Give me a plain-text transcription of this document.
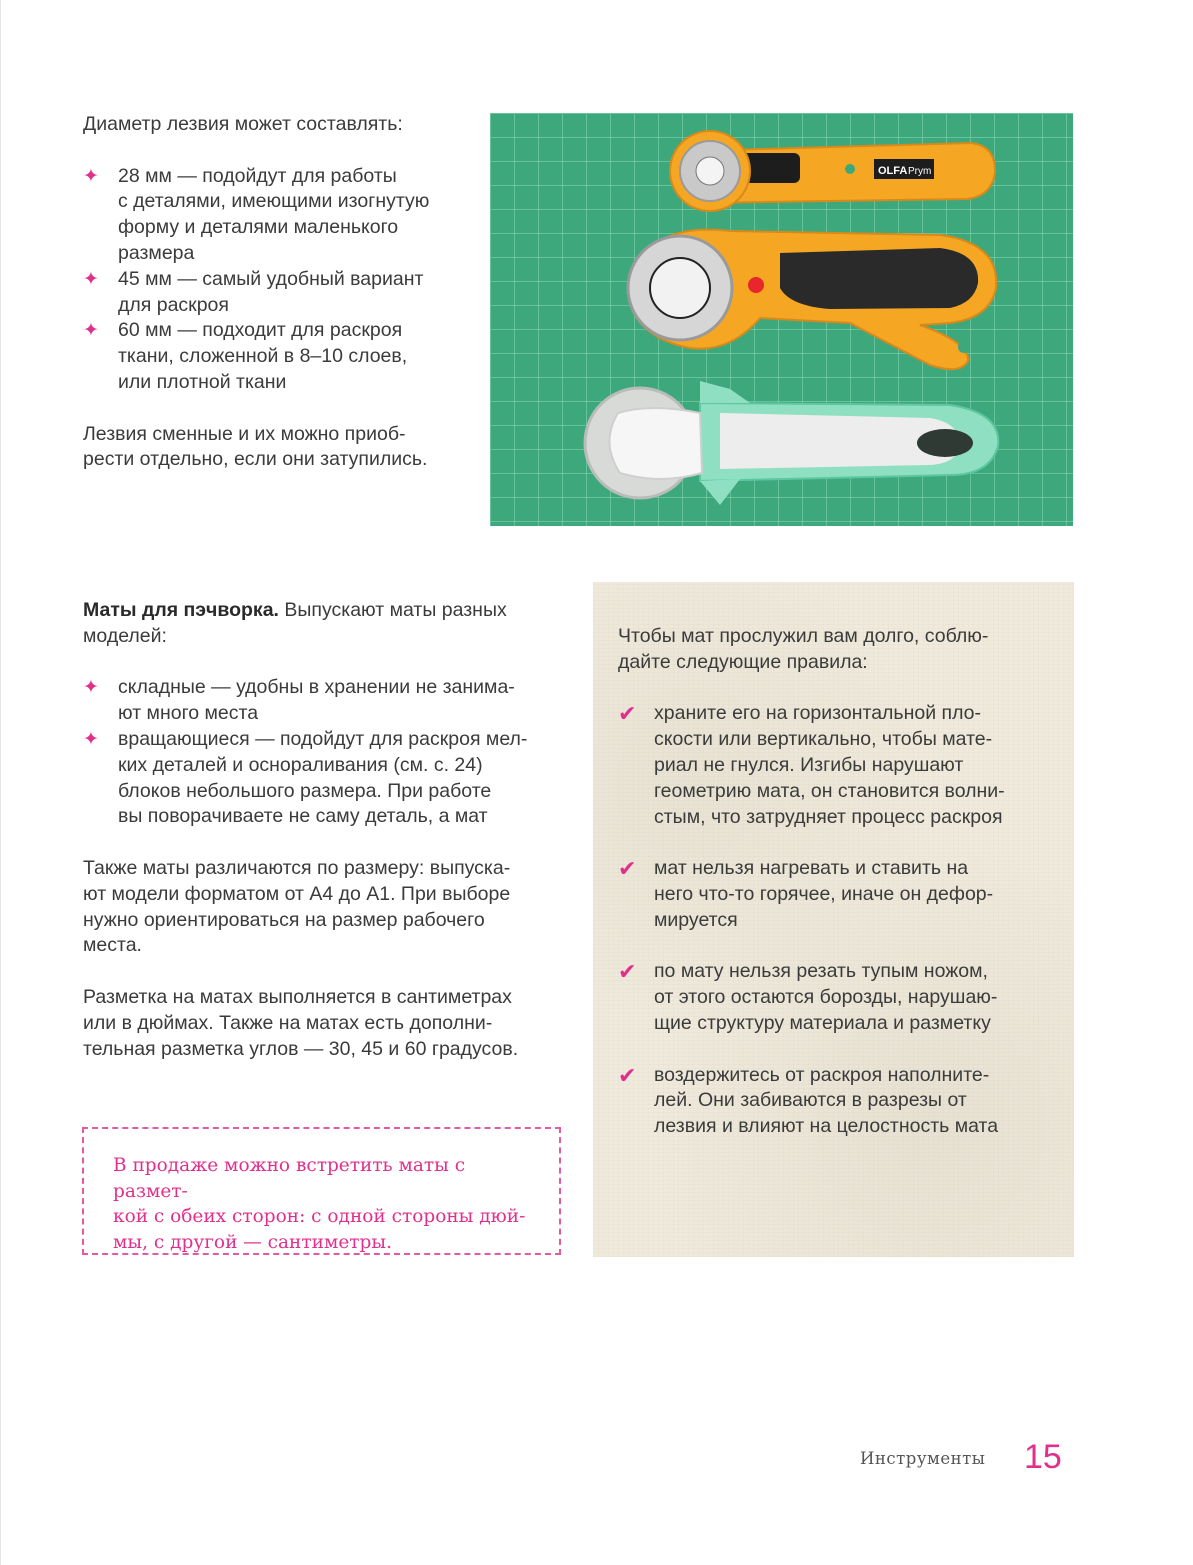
Диаметр лезвия может составлять:

✦ 28 мм — подойдут для работы
с деталями, имеющими изогнутую
форму и деталями маленького
размера
✦ 45 мм — самый удобный вариант
для раскроя
✦ 60 мм — подходит для раскроя
ткани, сложенной в 8–10 слоев,
или плотной ткани

Лезвия сменные и их можно приоб-

рести отдельно, если они затупились.

OLFA Prym

Маты для пэчворка. Выпускают маты разных

моделей:

✦ складные — удобны в хранении не занима-
ют много места
✦ вращающиеся — подойдут для раскроя мел-
ких деталей и оснораливания (см. с. 24)
блоков небольшого размера. При работе
вы поворачиваете не саму деталь, а мат

Также маты различаются по размеру: выпуска-

ют модели форматом от А4 до А1. При выборе

нужно ориентироваться на размер рабочего

места.

Разметка на матах выполняется в сантиметрах

или в дюймах. Также на матах есть дополни-

тельная разметка углов — 30, 45 и 60 градусов.

В продаже можно встретить маты с размет-
кой с обеих сторон: с одной стороны дюй-
мы, с другой — сантиметры.

Чтобы мат прослужил вам долго, соблю-

дайте следующие правила:

✔ храните его на горизонтальной пло-
скости или вертикально, чтобы мате-
риал не гнулся. Изгибы нарушают
геометрию мата, он становится волни-
стым, что затрудняет процесс раскроя
✔ мат нельзя нагревать и ставить на
него что-то горячее, иначе он дефор-
мируется
✔ по мату нельзя резать тупым ножом,
от этого остаются борозды, нарушаю-
щие структуру материала и разметку
✔ воздержитесь от раскроя наполните-
лей. Они забиваются в разрезы от
лезвия и влияют на целостность мата
Инструменты 15
